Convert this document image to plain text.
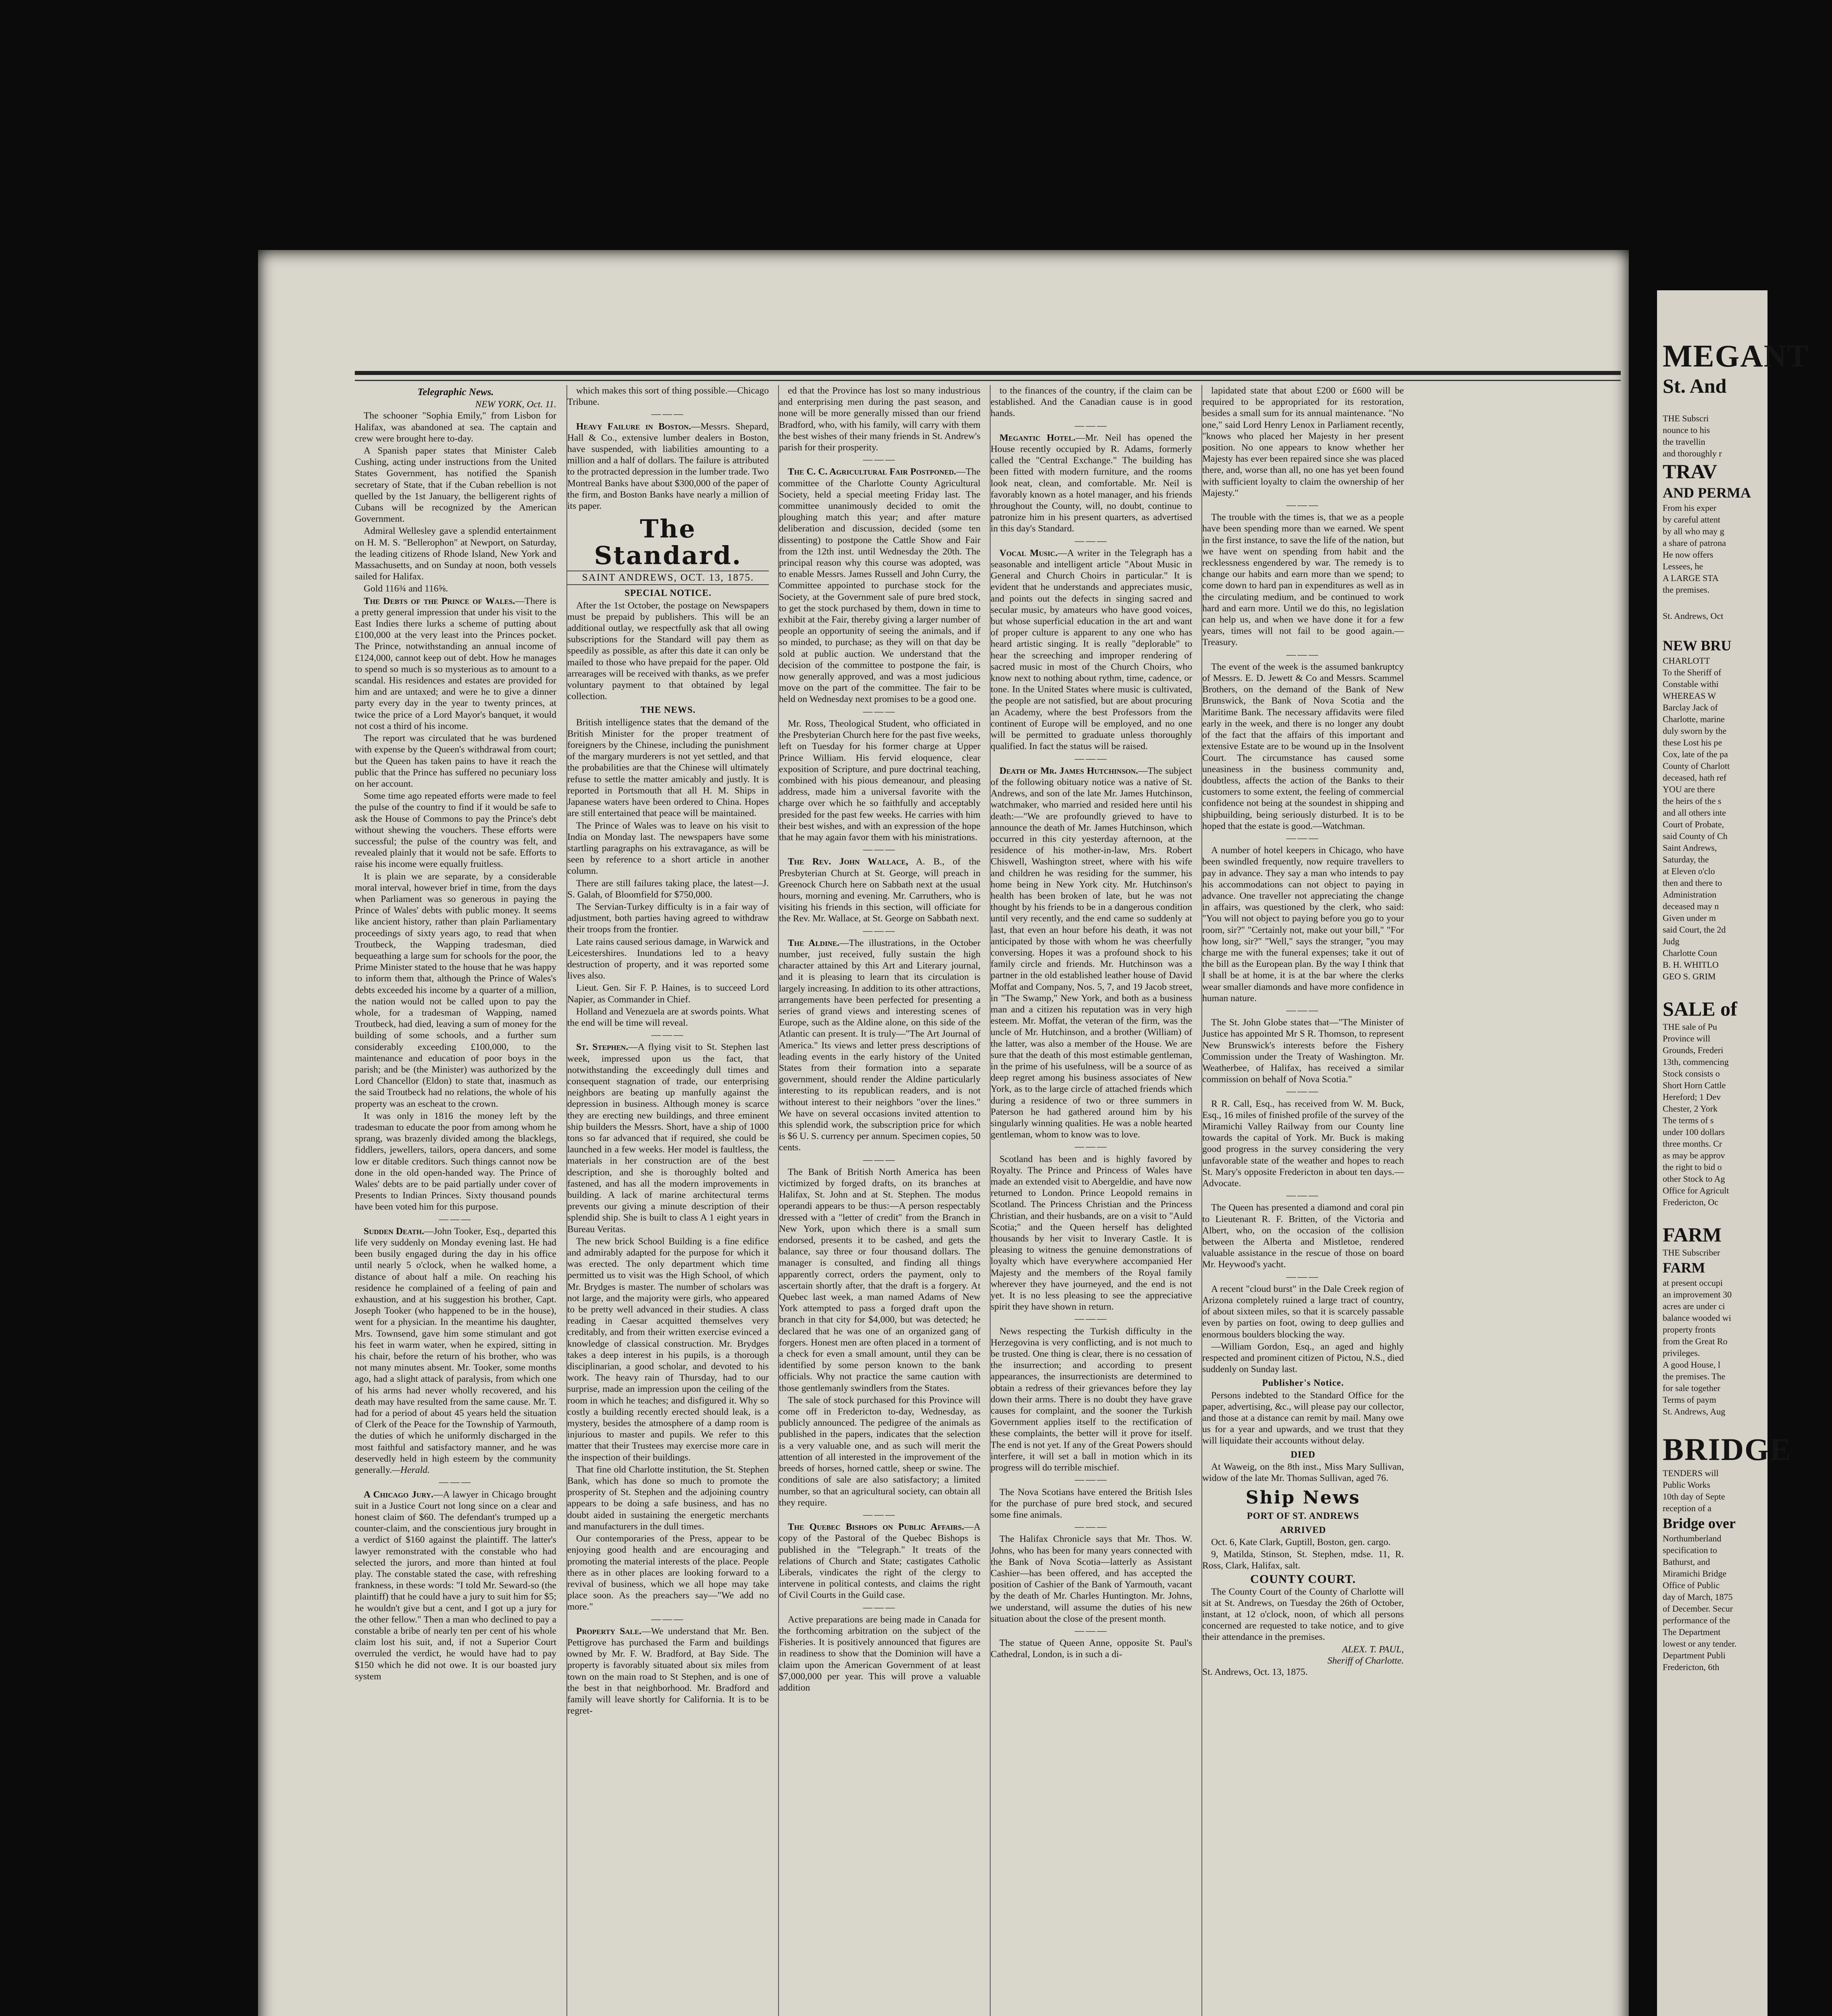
Telegraphic News.
NEW YORK, Oct. 11.

The schooner "Sophia Emily," from Lisbon for Halifax, was abandoned at sea. The captain and crew were brought here to-day.

A Spanish paper states that Minister Caleb Cushing, acting under instructions from the United States Government, has notified the Spanish secretary of State, that if the Cuban rebellion is not quelled by the 1st January, the belligerent rights of Cubans will be recognized by the American Government.

Admiral Wellesley gave a splendid entertainment on H. M. S. "Bellerophon" at Newport, on Saturday, the leading citizens of Rhode Island, New York and Massachusetts, and on Sunday at noon, both vessels sailed for Halifax.

Gold 116¾ and 116⅝.

The Debts of the Prince of Wales.—There is a pretty general impression that under his visit to the East Indies there lurks a scheme of putting about £100,000 at the very least into the Princes pocket. The Prince, notwithstanding an annual income of £124,000, cannot keep out of debt. How he manages to spend so much is so mysterious as to amount to a scandal. His residences and estates are provided for him and are untaxed; and were he to give a dinner party every day in the year to twenty princes, at twice the price of a Lord Mayor's banquet, it would not cost a third of his income.

The report was circulated that he was burdened with expense by the Queen's withdrawal from court; but the Queen has taken pains to have it reach the public that the Prince has suffered no pecuniary loss on her account.

Some time ago repeated efforts were made to feel the pulse of the country to find if it would be safe to ask the House of Commons to pay the Prince's debt without shewing the vouchers. These efforts were successful; the pulse of the country was felt, and revealed plainly that it would not be safe. Efforts to raise his income were equally fruitless.

It is plain we are separate, by a considerable moral interval, however brief in time, from the days when Parliament was so generous in paying the Prince of Wales' debts with public money. It seems like ancient history, rather than plain Parliamentary proceedings of sixty years ago, to read that when Troutbeck, the Wapping tradesman, died bequeathing a large sum for schools for the poor, the Prime Minister stated to the house that he was happy to inform them that, although the Prince of Wales's debts exceeded his income by a quarter of a million, the nation would not be called upon to pay the whole, for a tradesman of Wapping, named Troutbeck, had died, leaving a sum of money for the building of some schools, and a further sum considerably exceeding £100,000, to the maintenance and education of poor boys in the parish; and be (the Minister) was authorized by the Lord Chancellor (Eldon) to state that, inasmuch as the said Troutbeck had no relations, the whole of his property was an escheat to the crown.

It was only in 1816 the money left by the tradesman to educate the poor from among whom he sprang, was brazenly divided among the blacklegs, fiddlers, jewellers, tailors, opera dancers, and some low er ditable creditors. Such things cannot now be done in the old open-handed way. The Prince of Wales' debts are to be paid partially under cover of Presents to Indian Princes. Sixty thousand pounds have been voted him for this purpose.

———

Sudden Death.—John Tooker, Esq., departed this life very suddenly on Monday evening last. He had been busily engaged during the day in his office until nearly 5 o'clock, when he walked home, a distance of about half a mile. On reaching his residence he complained of a feeling of pain and exhaustion, and at his suggestion his brother, Capt. Joseph Tooker (who happened to be in the house), went for a physician. In the meantime his daughter, Mrs. Townsend, gave him some stimulant and got his feet in warm water, when he expired, sitting in his chair, before the return of his brother, who was not many minutes absent. Mr. Tooker, some months ago, had a slight attack of paralysis, from which one of his arms had never wholly recovered, and his death may have resulted from the same cause. Mr. T. had for a period of about 45 years held the situation of Clerk of the Peace for the Township of Yarmouth, the duties of which he uniformly discharged in the most faithful and satisfactory manner, and he was deservedly held in high esteem by the community generally.—Herald.

———

A Chicago Jury.—A lawyer in Chicago brought suit in a Justice Court not long since on a clear and honest claim of $60. The defendant's trumped up a counter-claim, and the conscientious jury brought in a verdict of $160 against the plaintiff. The latter's lawyer remonstrated with the constable who had selected the jurors, and more than hinted at foul play. The constable stated the case, with refreshing frankness, in these words: "I told Mr. Seward-so (the plaintiff) that he could have a jury to suit him for $5; he wouldn't give but a cent, and I got up a jury for the other fellow." Then a man who declined to pay a constable a bribe of nearly ten per cent of his whole claim lost his suit, and, if not a Superior Court overruled the verdict, he would have had to pay $150 which he did not owe. It is our boasted jury system

which makes this sort of thing possible.—Chicago Tribune.

———

Heavy Failure in Boston.—Messrs. Shepard, Hall & Co., extensive lumber dealers in Boston, have suspended, with liabilities amounting to a million and a half of dollars. The failure is attributed to the protracted depression in the lumber trade. Two Montreal Banks have about $300,000 of the paper of the firm, and Boston Banks have nearly a million of its paper.

The Standard.
SAINT ANDREWS, OCT. 13, 1875.
SPECIAL NOTICE.

After the 1st October, the postage on Newspapers must be prepaid by publishers. This will be an additional outlay, we respectfully ask that all owing subscriptions for the Standard will pay them as speedily as possible, as after this date it can only be mailed to those who have prepaid for the paper. Old arrearages will be received with thanks, as we prefer voluntary payment to that obtained by legal collection.

THE NEWS.

British intelligence states that the demand of the British Minister for the proper treatment of foreigners by the Chinese, including the punishment of the margary murderers is not yet settled, and that the probabilities are that the Chinese will ultimately refuse to settle the matter amicably and justly. It is reported in Portsmouth that all H. M. Ships in Japanese waters have been ordered to China. Hopes are still entertained that peace will be maintained.

The Prince of Wales was to leave on his visit to India on Monday last. The newspapers have some startling paragraphs on his extravagance, as will be seen by reference to a short article in another column.

There are still failures taking place, the latest—J. S. Galah, of Bloomfield for $750,000.

The Servian-Turkey difficulty is in a fair way of adjustment, both parties having agreed to withdraw their troops from the frontier.

Late rains caused serious damage, in Warwick and Leicestershires. Inundations led to a heavy destruction of property, and it was reported some lives also.

Lieut. Gen. Sir F. P. Haines, is to succeed Lord Napier, as Commander in Chief.

Holland and Venezuela are at swords points. What the end will be time will reveal.

———

St. Stephen.—A flying visit to St. Stephen last week, impressed upon us the fact, that notwithstanding the exceedingly dull times and consequent stagnation of trade, our enterprising neighbors are beating up manfully against the depression in business. Although money is scarce they are erecting new buildings, and three eminent ship builders the Messrs. Short, have a ship of 1000 tons so far advanced that if required, she could be launched in a few weeks. Her model is faultless, the materials in her construction are of the best description, and she is thoroughly bolted and fastened, and has all the modern improvements in building. A lack of marine architectural terms prevents our giving a minute description of their splendid ship. She is built to class A 1 eight years in Bureau Veritas.

The new brick School Building is a fine edifice and admirably adapted for the purpose for which it was erected. The only department which time permitted us to visit was the High School, of which Mr. Brydges is master. The number of scholars was not large, and the majority were girls, who appeared to be pretty well advanced in their studies. A class reading in Caesar acquitted themselves very creditably, and from their written exercise evinced a knowledge of classical construction. Mr. Brydges takes a deep interest in his pupils, is a thorough disciplinarian, a good scholar, and devoted to his work. The heavy rain of Thursday, had to our surprise, made an impression upon the ceiling of the room in which he teaches; and disfigured it. Why so costly a building recently erected should leak, is a mystery, besides the atmosphere of a damp room is injurious to master and pupils. We refer to this matter that their Trustees may exercise more care in the inspection of their buildings.

That fine old Charlotte institution, the St. Stephen Bank, which has done so much to promote the prosperity of St. Stephen and the adjoining country appears to be doing a safe business, and has no doubt aided in sustaining the energetic merchants and manufacturers in the dull times.

Our contemporaries of the Press, appear to be enjoying good health and are encouraging and promoting the material interests of the place. People there as in other places are looking forward to a revival of business, which we all hope may take place soon. As the preachers say—"We add no more."

———

Property Sale.—We understand that Mr. Ben. Pettigrove has purchased the Farm and buildings owned by Mr. F. W. Bradford, at Bay Side. The property is favorably situated about six miles from town on the main road to St Stephen, and is one of the best in that neighborhood. Mr. Bradford and family will leave shortly for California. It is to be regret-

ed that the Province has lost so many industrious and enterprising men during the past season, and none will be more generally missed than our friend Bradford, who, with his family, will carry with them the best wishes of their many friends in St. Andrew's parish for their prosperity.

———

The C. C. Agricultural Fair Postponed.—The committee of the Charlotte County Agricultural Society, held a special meeting Friday last. The committee unanimously decided to omit the ploughing match this year; and after mature deliberation and discussion, decided (some ten dissenting) to postpone the Cattle Show and Fair from the 12th inst. until Wednesday the 20th. The principal reason why this course was adopted, was to enable Messrs. James Russell and John Curry, the Committee appointed to purchase stock for the Society, at the Government sale of pure bred stock, to get the stock purchased by them, down in time to exhibit at the Fair, thereby giving a larger number of people an opportunity of seeing the animals, and if so minded, to purchase; as they will on that day be sold at public auction. We understand that the decision of the committee to postpone the fair, is now generally approved, and was a most judicious move on the part of the committee. The fair to be held on Wednesday next promises to be a good one.

———

Mr. Ross, Theological Student, who officiated in the Presbyterian Church here for the past five weeks, left on Tuesday for his former charge at Upper Prince William. His fervid eloquence, clear exposition of Scripture, and pure doctrinal teaching, combined with his pious demeanour, and pleasing address, made him a universal favorite with the charge over which he so faithfully and acceptably presided for the past few weeks. He carries with him their best wishes, and with an expression of the hope that he may again favor them with his ministrations.

———

The Rev. John Wallace, A. B., of the Presbyterian Church at St. George, will preach in Greenock Church here on Sabbath next at the usual hours, morning and evening. Mr. Carruthers, who is visiting his friends in this section, will officiate for the Rev. Mr. Wallace, at St. George on Sabbath next.

———

The Aldine.—The illustrations, in the October number, just received, fully sustain the high character attained by this Art and Literary journal, and it is pleasing to learn that its circulation is largely increasing. In addition to its other attractions, arrangements have been perfected for presenting a series of grand views and interesting scenes of Europe, such as the Aldine alone, on this side of the Atlantic can present. It is truly—"The Art Journal of America." Its views and letter press descriptions of leading events in the early history of the United States from their formation into a separate government, should render the Aldine particularly interesting to its republican readers, and is not without interest to their neighbors "over the lines." We have on several occasions invited attention to this splendid work, the subscription price for which is $6 U. S. currency per annum. Specimen copies, 50 cents.

———

The Bank of British North America has been victimized by forged drafts, on its branches at Halifax, St. John and at St. Stephen. The modus operandi appears to be thus:—A person respectably dressed with a "letter of credit" from the Branch in New York, upon which there is a small sum endorsed, presents it to be cashed, and gets the balance, say three or four thousand dollars. The manager is consulted, and finding all things apparently correct, orders the payment, only to ascertain shortly after, that the draft is a forgery. At Quebec last week, a man named Adams of New York attempted to pass a forged draft upon the branch in that city for $4,000, but was detected; he declared that he was one of an organized gang of forgers. Honest men are often placed in a torment of a check for even a small amount, until they can be identified by some person known to the bank officials. Why not practice the same caution with those gentlemanly swindlers from the States.

The sale of stock purchased for this Province will come off in Fredericton to-day, Wednesday, as publicly announced. The pedigree of the animals as published in the papers, indicates that the selection is a very valuable one, and as such will merit the attention of all interested in the improvement of the breeds of horses, horned cattle, sheep or swine. The conditions of sale are also satisfactory; a limited number, so that an agricultural society, can obtain all they require.

———

The Quebec Bishops on Public Affairs.—A copy of the Pastoral of the Quebec Bishops is published in the "Telegraph." It treats of the relations of Church and State; castigates Catholic Liberals, vindicates the right of the clergy to intervene in political contests, and claims the right of Civil Courts in the Guild case.

———

Active preparations are being made in Canada for the forthcoming arbitration on the subject of the Fisheries. It is positively announced that figures are in readiness to show that the Dominion will have a claim upon the American Government of at least $7,000,000 per year. This will prove a valuable addition

to the finances of the country, if the claim can be established. And the Canadian cause is in good hands.

———

Megantic Hotel.—Mr. Neil has opened the House recently occupied by R. Adams, formerly called the "Central Exchange." The building has been fitted with modern furniture, and the rooms look neat, clean, and comfortable. Mr. Neil is favorably known as a hotel manager, and his friends throughout the County, will, no doubt, continue to patronize him in his present quarters, as advertised in this day's Standard.

———

Vocal Music.—A writer in the Telegraph has a seasonable and intelligent article "About Music in General and Church Choirs in particular." It is evident that he understands and appreciates music, and points out the defects in singing sacred and secular music, by amateurs who have good voices, but whose superficial education in the art and want of proper culture is apparent to any one who has heard artistic singing. It is really "deplorable" to hear the screeching and improper rendering of sacred music in most of the Church Choirs, who know next to nothing about rythm, time, cadence, or tone. In the United States where music is cultivated, the people are not satisfied, but are about procuring an Academy, where the best Professors from the continent of Europe will be employed, and no one will be permitted to graduate unless thoroughly qualified. In fact the status will be raised.

———

Death of Mr. James Hutchinson.—The subject of the following obituary notice was a native of St. Andrews, and son of the late Mr. James Hutchinson, watchmaker, who married and resided here until his death:—"We are profoundly grieved to have to announce the death of Mr. James Hutchinson, which occurred in this city yesterday afternoon, at the residence of his mother-in-law, Mrs. Robert Chiswell, Washington street, where with his wife and children he was residing for the summer, his home being in New York city. Mr. Hutchinson's health has been broken of late, but he was not thought by his friends to be in a dangerous condition until very recently, and the end came so suddenly at last, that even an hour before his death, it was not anticipated by those with whom he was cheerfully conversing. Hopes it was a profound shock to his family circle and friends. Mr. Hutchinson was a partner in the old established leather house of David Moffat and Company, Nos. 5, 7, and 19 Jacob street, in "The Swamp," New York, and both as a business man and a citizen his reputation was in very high esteem. Mr. Moffat, the veteran of the firm, was the uncle of Mr. Hutchinson, and a brother (William) of the latter, was also a member of the House. We are sure that the death of this most estimable gentleman, in the prime of his usefulness, will be a source of as deep regret among his business associates of New York, as to the large circle of attached friends which during a residence of two or three summers in Paterson he had gathered around him by his singularly winning qualities. He was a noble hearted gentleman, whom to know was to love.

———

Scotland has been and is highly favored by Royalty. The Prince and Princess of Wales have made an extended visit to Abergeldie, and have now returned to London. Prince Leopold remains in Scotland. The Princess Christian and the Princess Christian, and their husbands, are on a visit to "Auld Scotia;" and the Queen herself has delighted thousands by her visit to Inverary Castle. It is pleasing to witness the genuine demonstrations of loyalty which have everywhere accompanied Her Majesty and the members of the Royal family wherever they have journeyed, and the end is not yet. It is no less pleasing to see the appreciative spirit they have shown in return.

———

News respecting the Turkish difficulty in the Herzegovina is very conflicting, and is not much to be trusted. One thing is clear, there is no cessation of the insurrection; and according to present appearances, the insurrectionists are determined to obtain a redress of their grievances before they lay down their arms. There is no doubt they have grave causes for complaint, and the sooner the Turkish Government applies itself to the rectification of these complaints, the better will it prove for itself. The end is not yet. If any of the Great Powers should interfere, it will set a ball in motion which in its progress will do terrible mischief.

———

The Nova Scotians have entered the British Isles for the purchase of pure bred stock, and secured some fine animals.

———

The Halifax Chronicle says that Mr. Thos. W. Johns, who has been for many years connected with the Bank of Nova Scotia—latterly as Assistant Cashier—has been offered, and has accepted the position of Cashier of the Bank of Yarmouth, vacant by the death of Mr. Charles Huntington. Mr. Johns, we understand, will assume the duties of his new situation about the close of the present month.

———

The statue of Queen Anne, opposite St. Paul's Cathedral, London, is in such a di-

lapidated state that about £200 or £600 will be required to be appropriated for its restoration, besides a small sum for its annual maintenance. "No one," said Lord Henry Lenox in Parliament recently, "knows who placed her Majesty in her present position. No one appears to know whether her Majesty has ever been repaired since she was placed there, and, worse than all, no one has yet been found with sufficient loyalty to claim the ownership of her Majesty."

———

The trouble with the times is, that we as a people have been spending more than we earned. We spent in the first instance, to save the life of the nation, but we have went on spending from habit and the recklessness engendered by war. The remedy is to change our habits and earn more than we spend; to come down to hard pan in expenditures as well as in the circulating medium, and be continued to work hard and earn more. Until we do this, no legislation can help us, and when we have done it for a few years, times will not fail to be good again.—Treasury.

———

The event of the week is the assumed bankruptcy of Messrs. E. D. Jewett & Co and Messrs. Scammel Brothers, on the demand of the Bank of New Brunswick, the Bank of Nova Scotia and the Maritime Bank. The necessary affidavits were filed early in the week, and there is no longer any doubt of the fact that the affairs of this important and extensive Estate are to be wound up in the Insolvent Court. The circumstance has caused some uneasiness in the business community and, doubtless, affects the action of the Banks to their customers to some extent, the feeling of commercial confidence not being at the soundest in shipping and shipbuilding, being seriously disturbed. It is to be hoped that the estate is good.—Watchman.

———

A number of hotel keepers in Chicago, who have been swindled frequently, now require travellers to pay in advance. They say a man who intends to pay his accommodations can not object to paying in advance. One traveller not appreciating the change in affairs, was questioned by the clerk, who said: "You will not object to paying before you go to your room, sir?" "Certainly not, make out your bill," "For how long, sir?" "Well," says the stranger, "you may charge me with the funeral expenses; take it out of the bill as the European plan. By the way I think that I shall be at home, it is at the bar where the clerks wear smaller diamonds and have more confidence in human nature.

———

The St. John Globe states that—"The Minister of Justice has appointed Mr S R. Thomson, to represent New Brunswick's interests before the Fishery Commission under the Treaty of Washington. Mr. Weatherbee, of Halifax, has received a similar commission on behalf of Nova Scotia."

———

R R. Call, Esq., has received from W. M. Buck, Esq., 16 miles of finished profile of the survey of the Miramichi Valley Railway from our County line towards the capital of York. Mr. Buck is making good progress in the survey considering the very unfavorable state of the weather and hopes to reach St. Mary's opposite Fredericton in about ten days.—Advocate.

———

The Queen has presented a diamond and coral pin to Lieutenant R. F. Britten, of the Victoria and Albert, who, on the occasion of the collision between the Alberta and Mistletoe, rendered valuable assistance in the rescue of those on board Mr. Heywood's yacht.

———

A recent "cloud burst" in the Dale Creek region of Arizona completely ruined a large tract of country, of about sixteen miles, so that it is scarcely passable even by parties on foot, owing to deep gullies and enormous boulders blocking the way.

—William Gordon, Esq., an aged and highly respected and prominent citizen of Pictou, N.S., died suddenly on Sunday last.

Publisher's Notice.

Persons indebted to the Standard Office for the paper, advertising, &c., will please pay our collector, and those at a distance can remit by mail. Many owe us for a year and upwards, and we trust that they will liquidate their accounts without delay.

DIED

At Waweig, on the 8th inst., Miss Mary Sullivan, widow of the late Mr. Thomas Sullivan, aged 76.

Ship News
PORT OF ST. ANDREWS
ARRIVED

Oct. 6, Kate Clark, Guptill, Boston, gen. cargo.

9, Matilda, Stinson, St. Stephen, mdse. 11, R. Ross, Clark, Halifax, salt.

COUNTY COURT.

The County Court of the County of Charlotte will sit at St. Andrews, on Tuesday the 26th of October, instant, at 12 o'clock, noon, of which all persons concerned are requested to take notice, and to give their attendance in the premises.

ALEX. T. PAUL,
Sheriff of Charlotte.
St. Andrews, Oct. 13, 1875.

MEGANT

St. And

THE Subscri

nounce to his

the travellin

and thoroughly r

TRAV

AND PERMA

From his exper

by careful attent

by all who may g

a share of patrona

He now offers

Lessees, he

A LARGE STA

the premises.

St. Andrews, Oct

NEW BRU

CHARLOTT

To the Sheriff of

Constable withi

WHEREAS W

Barclay Jack of

Charlotte, marine

duly sworn by the

these Lost his pe

Cox, late of the pa

County of Charlott

deceased, hath ref

YOU are there

the heirs of the s

and all others inte

Court of Probate,

said County of Ch

Saint Andrews,

Saturday, the

at Eleven o'clo

then and there to

Administration

deceased may n

Given under m

said Court, the 2d

Judg

Charlotte Coun

B. H. WHITLO

GEO S. GRIM

SALE of

THE sale of Pu

Province will

Grounds, Frederi

13th, commencing

Stock consists o

Short Horn Cattle

Hereford; 1 Dev

Chester, 2 York

The terms of s

under 100 dollars

three months. Cr

as may be approv

the right to bid o

other Stock to Ag

Office for Agricult

Fredericton, Oc

FARM

THE Subscriber

FARM

at present occupi

an improvement 30

acres are under ci

balance wooded wi

property fronts

from the Great Ro

privileges.

A good House, l

the premises. The

for sale together

Terms of paym

St. Andrews, Aug

BRIDGE

TENDERS will

Public Works

10th day of Septe

reception of a

Bridge over

Northumberland

specification to

Bathurst, and

Miramichi Bridge

Office of Public

day of March, 1875

of December. Secur

performance of the

The Department

lowest or any tender.

Department Publi

Fredericton, 6th
